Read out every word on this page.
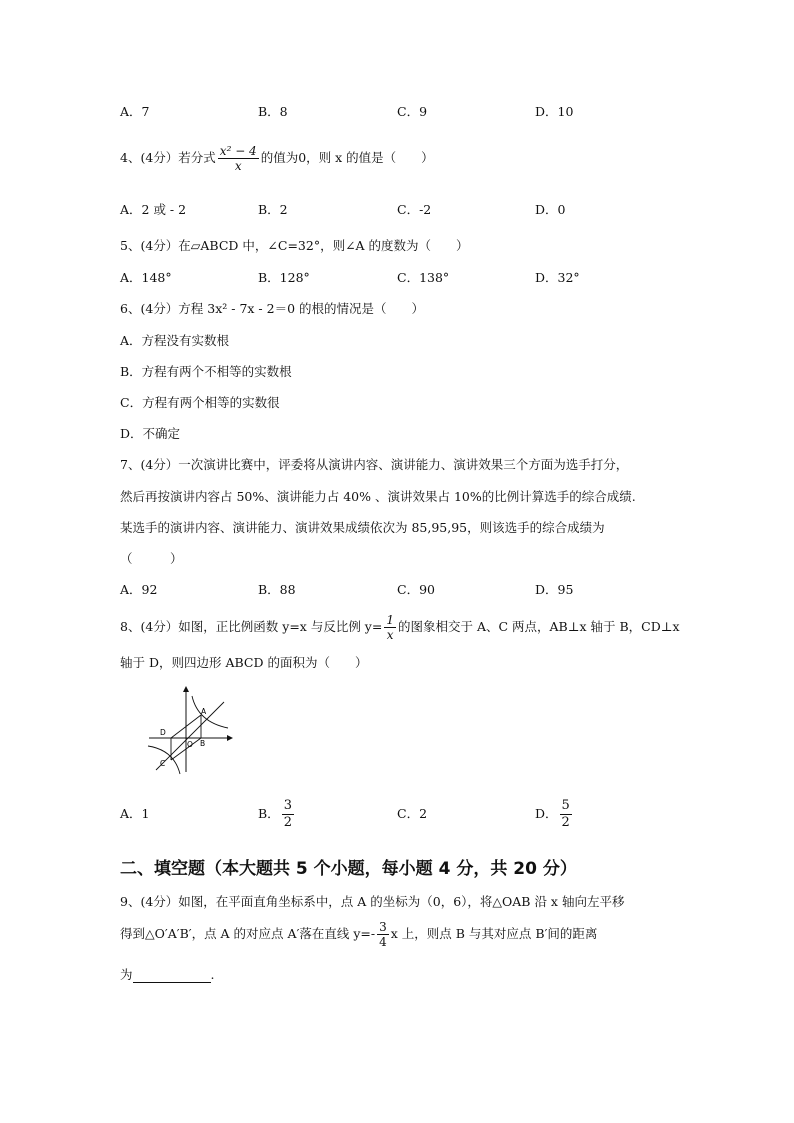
A．7	B．8	C．9	D．10
4、(4分）若分式 $\frac{\text{x² − 4}}{x}$ 的值为0，则 x 的值是（　　）
A．2 或 - 2	B．2	C．-2	D．0
5、(4分）在▱ABCD 中，∠C=32°，则∠A 的度数为（　　）
A．148°	B．128°	C．138°	D．32°
6、(4分）方程 3x² - 7x - 2＝0 的根的情况是（　　）
A．方程没有实数根
B．方程有两个不相等的实数根
C．方程有两个相等的实数很
D．不确定
7、(4分）一次演讲比赛中，评委将从演讲内容、演讲能力、演讲效果三个方面为选手打分，
然后再按演讲内容占 50%、演讲能力占 40% 、演讲效果占 10%的比例计算选手的综合成绩.
某选手的演讲内容、演讲能力、演讲效果成绩依次为 85,95,95，则该选手的综合成绩为
（　　　）
A．92	B．88	C．90	D．95
8、(4分）如图，正比例函数 y=x 与反比例 $y= \frac{1}{x}$ 的图象相交于 A、C 两点，AB⊥x 轴于 B，CD⊥x
轴于 D，则四边形 ABCD 的面积为（　　）
A
B
C
D
O
A．1	B． $\frac{3}{2}$	C．2	D． $\frac{5}{2}$
二、填空题（本大题共 5 个小题，每小题 4 分，共 20 分）
9、(4分）如图，在平面直角坐标系中，点 A 的坐标为（0，6），将△OAB 沿 x 轴向左平移
得到△O′A′B′，点 A 的对应点 A′落在直线 $y=- \frac{3}{4}$ x 上，则点 B 与其对应点 B′间的距离
为	.
